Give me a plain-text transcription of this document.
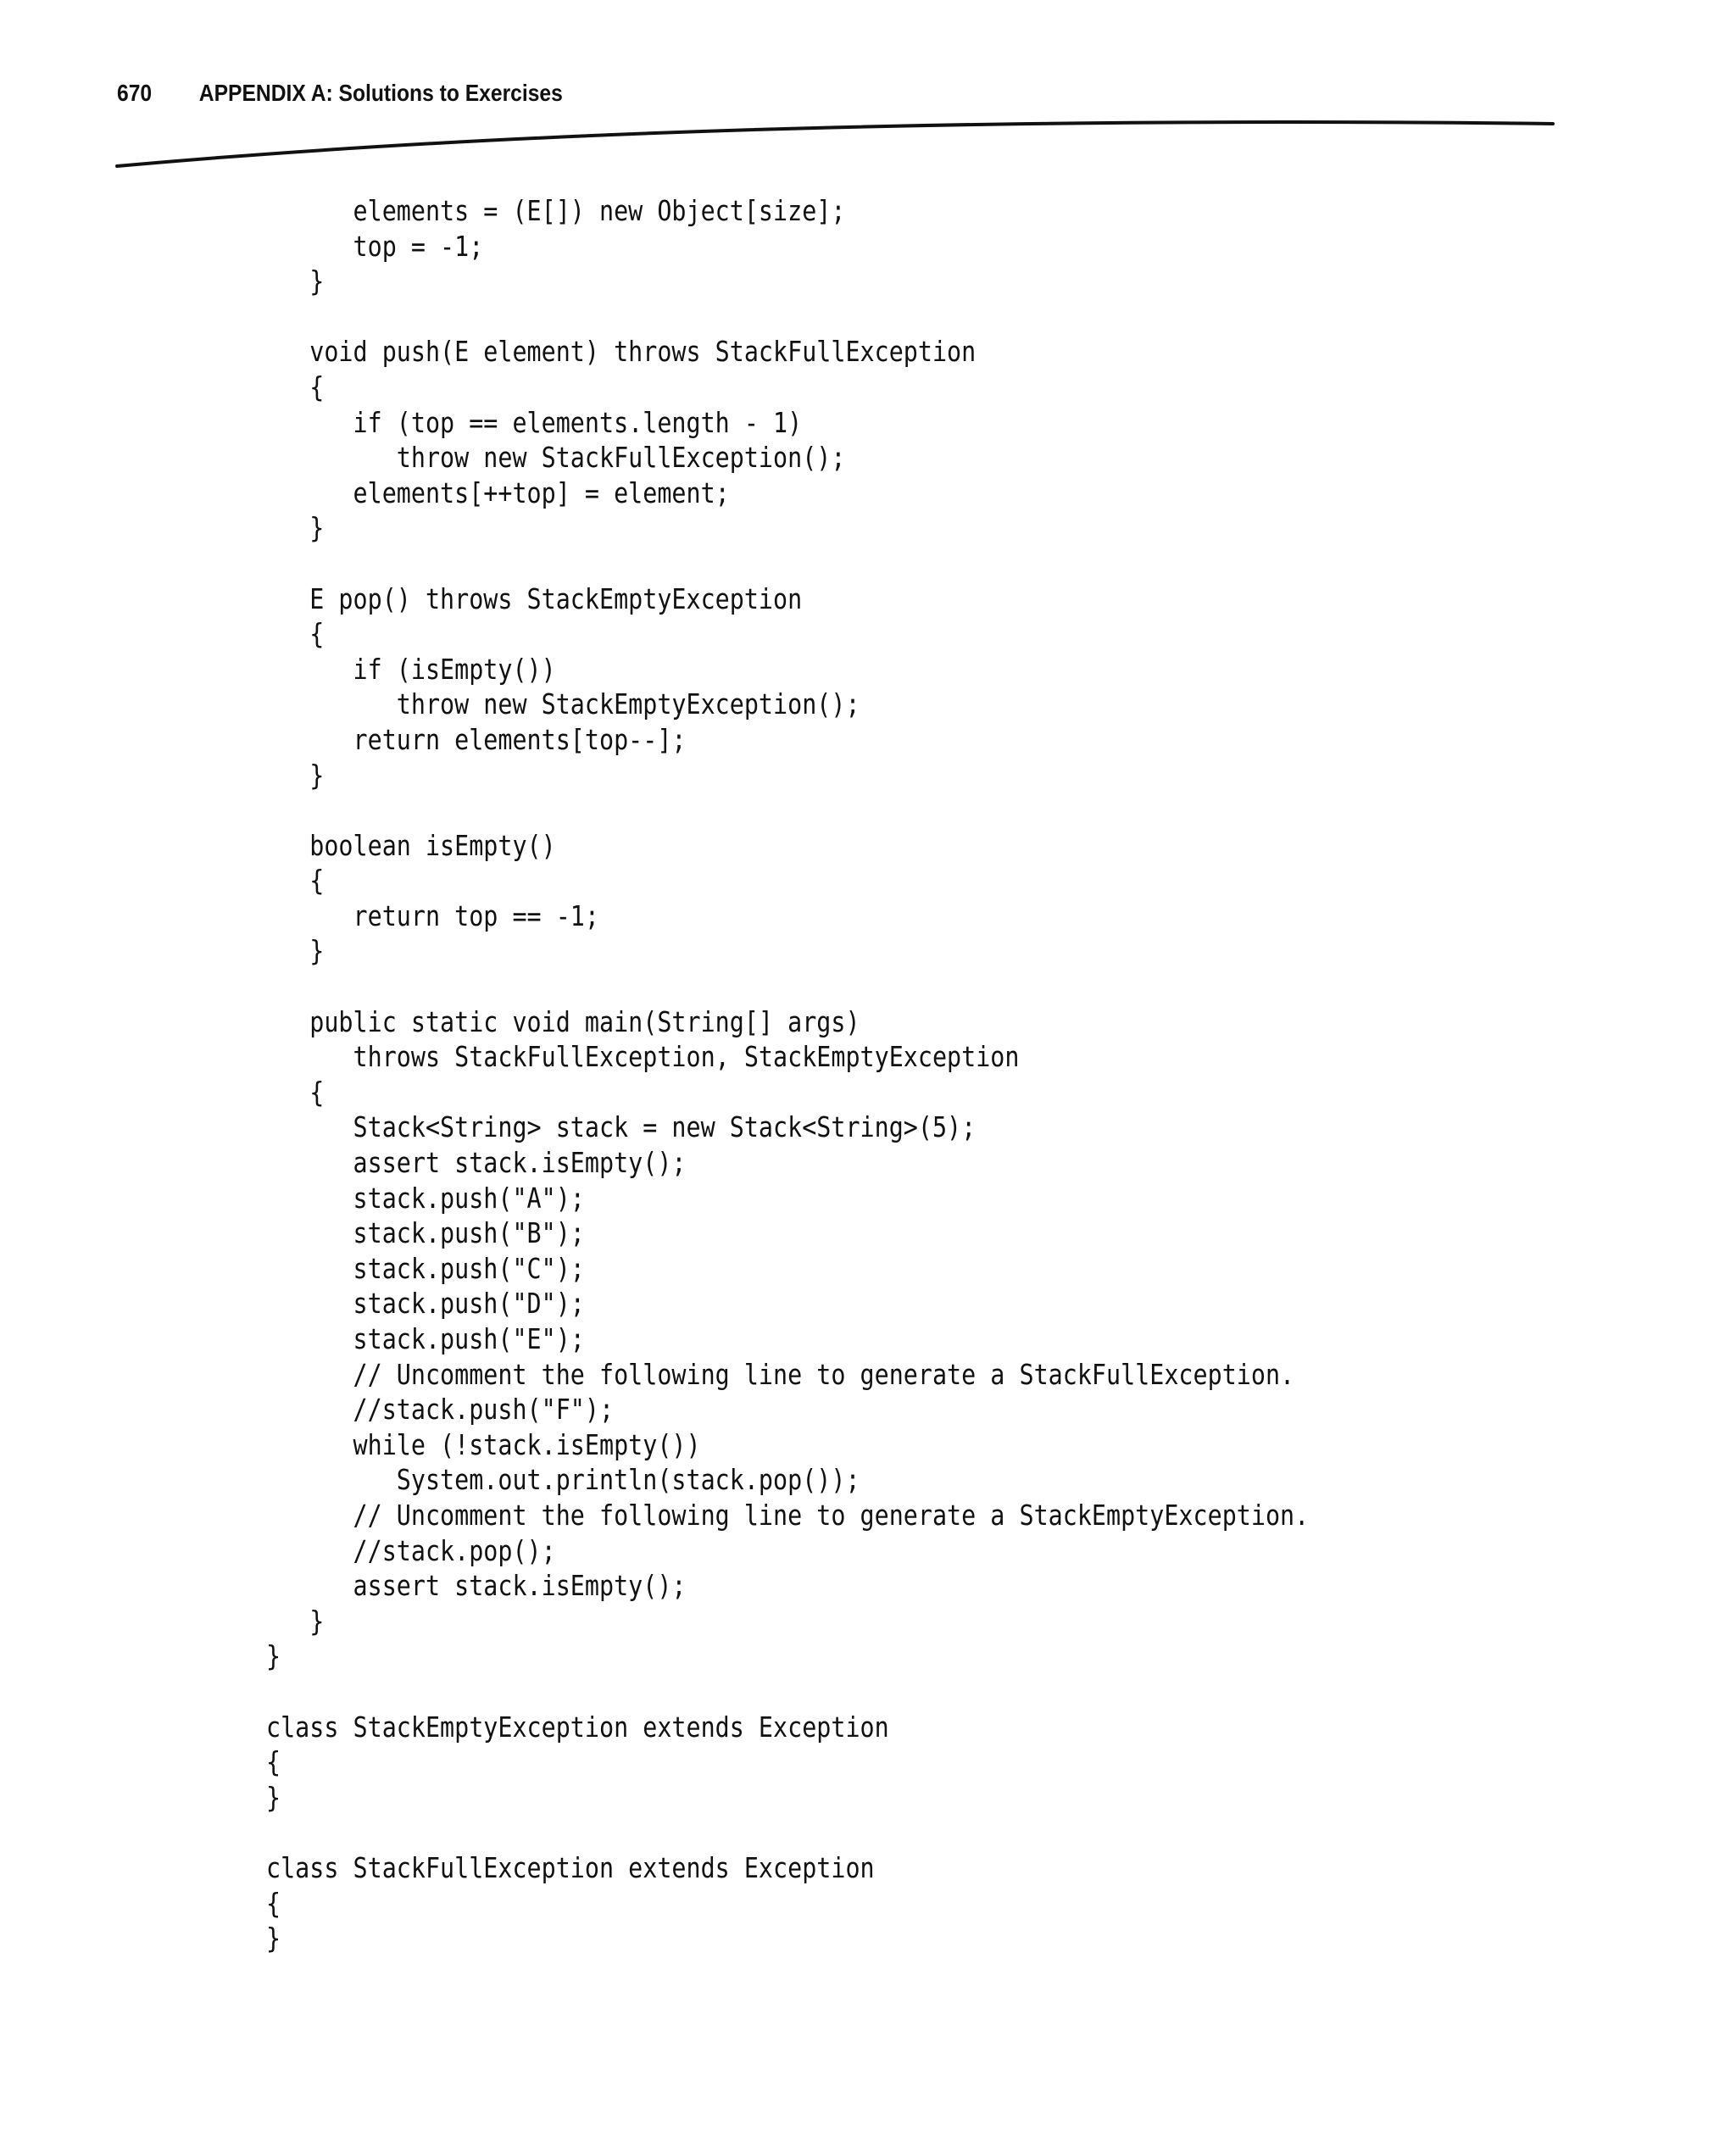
670 APPENDIX A: Solutions to Exercises
elements = (E[]) new Object[size];
top = -1;
}
void push(E element) throws StackFullException
{
if (top == elements.length - 1)
throw new StackFullException();
elements[++top] = element;
}
E pop() throws StackEmptyException
{
if (isEmpty())
throw new StackEmptyException();
return elements[top--];
}
boolean isEmpty()
{
return top == -1;
}
public static void main(String[] args)
throws StackFullException, StackEmptyException
{
Stack<String> stack = new Stack<String>(5);
assert stack.isEmpty();
stack.push("A");
stack.push("B");
stack.push("C");
stack.push("D");
stack.push("E");
// Uncomment the following line to generate a StackFullException.
//stack.push("F");
while (!stack.isEmpty())
System.out.println(stack.pop());
// Uncomment the following line to generate a StackEmptyException.
//stack.pop();
assert stack.isEmpty();
}
}
class StackEmptyException extends Exception
{
}
class StackFullException extends Exception
{
}
